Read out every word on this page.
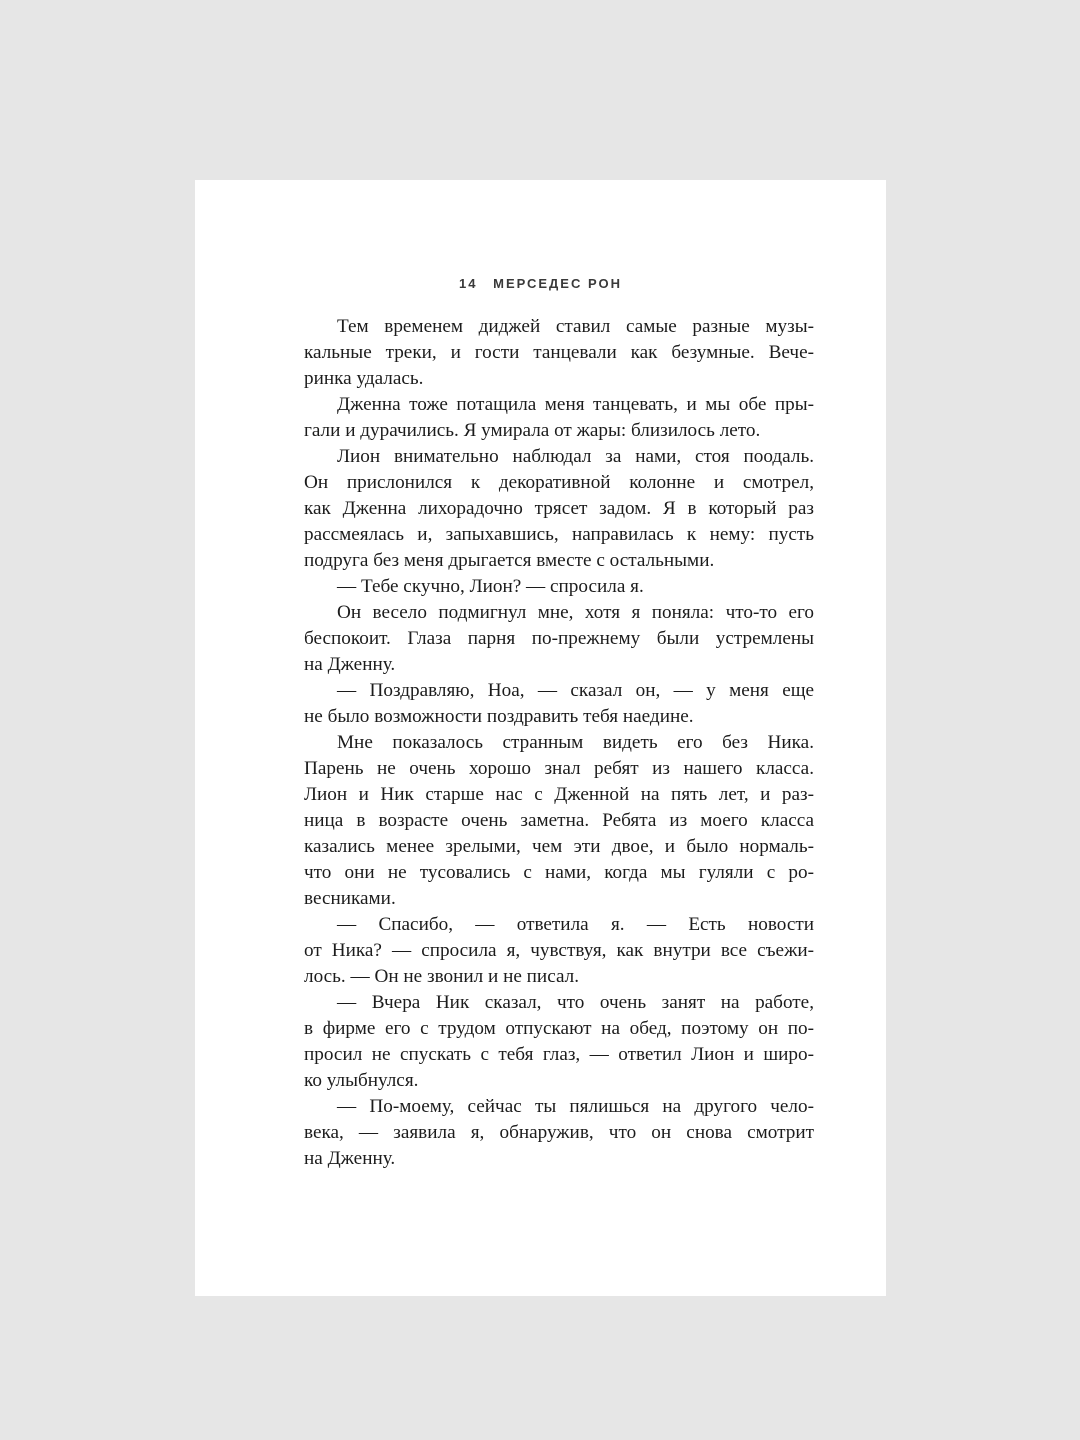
14 МЕРСЕДЕС РОН
Тем временем диджей ставил самые разные музы-
кальные треки, и гости танцевали как безумные. Вече-
ринка удалась.
Дженна тоже потащила меня танцевать, и мы обе пры-
гали и дурачились. Я умирала от жары: близилось лето.
Лион внимательно наблюдал за нами, стоя поодаль.
Он прислонился к декоративной колонне и смотрел,
как Дженна лихорадочно трясет задом. Я в который раз
рассмеялась и, запыхавшись, направилась к нему: пусть
подруга без меня дрыгается вместе с остальными.
— Тебе скучно, Лион? — спросила я.
Он весело подмигнул мне, хотя я поняла: что-то его
беспокоит. Глаза парня по-прежнему были устремлены
на Дженну.
— Поздравляю, Ноа, — сказал он, — у меня еще
не было возможности поздравить тебя наедине.
Мне показалось странным видеть его без Ника.
Парень не очень хорошо знал ребят из нашего класса.
Лион и Ник старше нас с Дженной на пять лет, и раз-
ница в возрасте очень заметна. Ребята из моего класса
казались менее зрелыми, чем эти двое, и было нормаль-
что они не тусовались с нами, когда мы гуляли с ро-
весниками.
— Спасибо, — ответила я. — Есть новости
от Ника? — спросила я, чувствуя, как внутри все съежи-
лось. — Он не звонил и не писал.
— Вчера Ник сказал, что очень занят на работе,
в фирме его с трудом отпускают на обед, поэтому он по-
просил не спускать с тебя глаз, — ответил Лион и широ-
ко улыбнулся.
— По-моему, сейчас ты пялишься на другого чело-
века, — заявила я, обнаружив, что он снова смотрит
на Дженну.
